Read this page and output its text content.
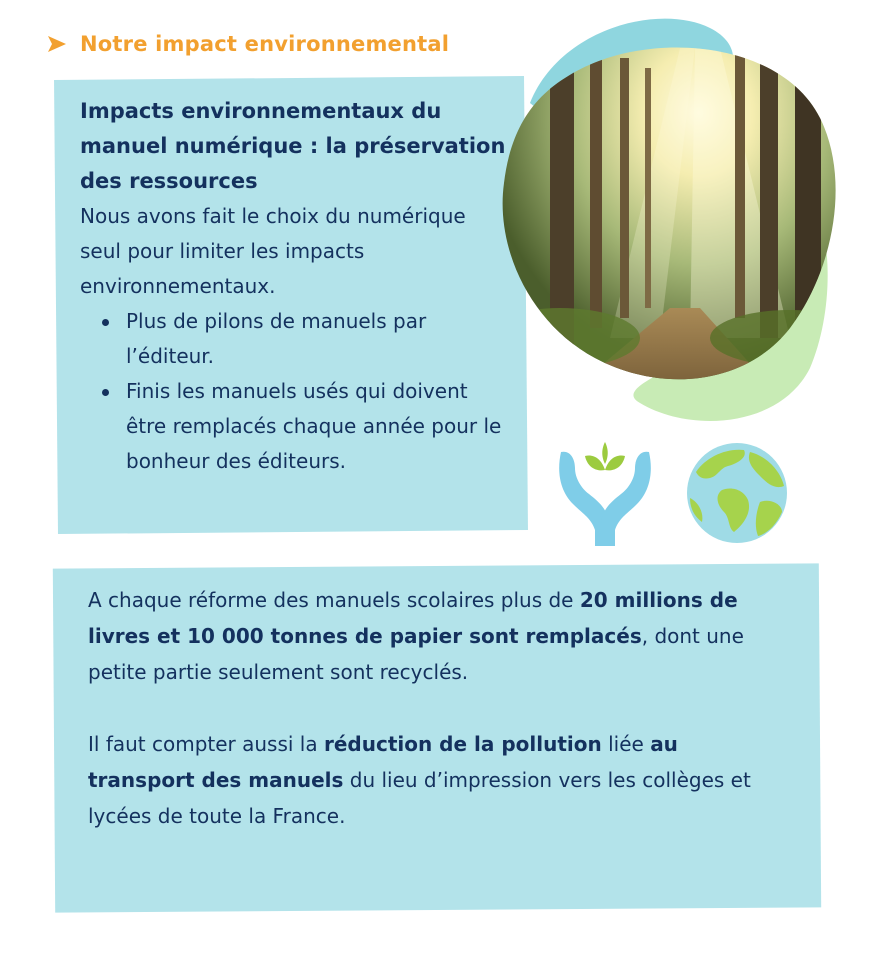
Notre impact environnemental

Impacts environnementaux du manuel numérique : la préservation des ressources

Nous avons fait le choix du numérique seul pour limiter les impacts environnementaux.

Plus de pilons de manuels par l’éditeur.
Finis les manuels usés qui doivent être remplacés chaque année pour le bonheur des éditeurs.

A chaque réforme des manuels scolaires plus de 20 millions de livres et 10 000 tonnes de papier sont remplacés, dont une petite partie seulement sont recyclés.

Il faut compter aussi la réduction de la pollution liée au transport des manuels du lieu d’impression vers les collèges et lycées de toute la France.
